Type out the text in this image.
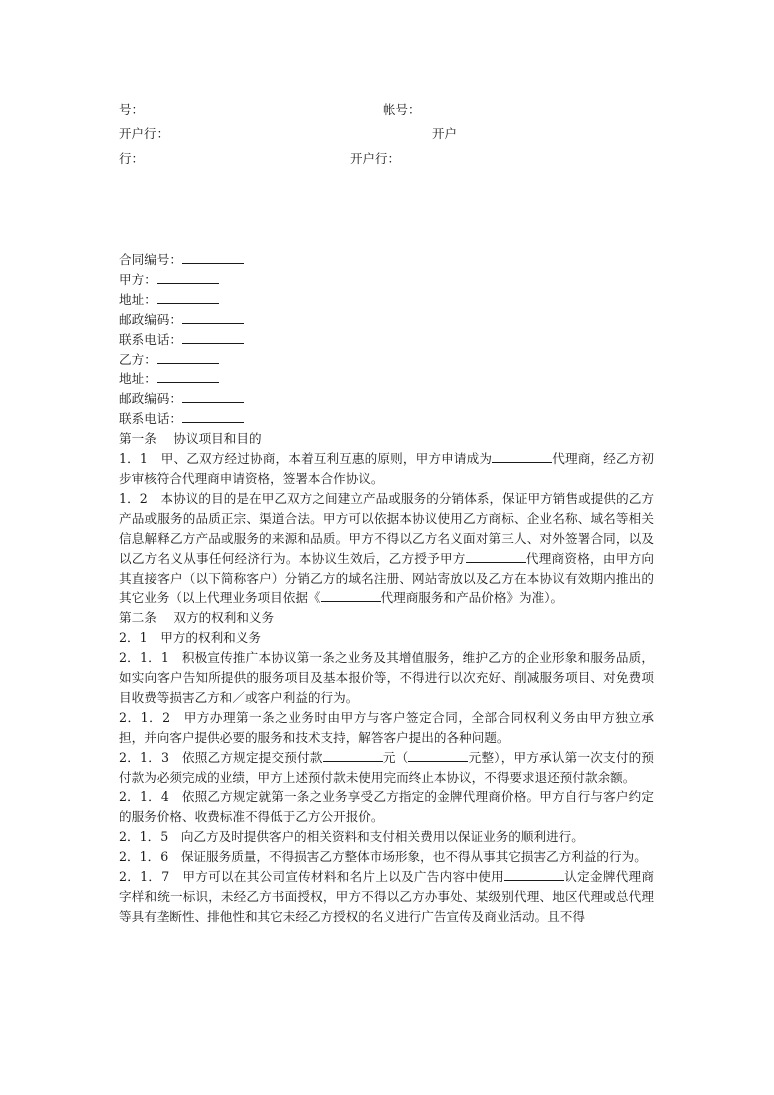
号：	帐号：
开户行：	开户
行：	开户行：
合同编号：
甲方：
地址：
邮政编码：
联系电话：
乙方：
地址：
邮政编码：
联系电话：
第一条　 协议项目和目的
1．1　甲、乙双方经过协商，本着互利互惠的原则，甲方申请成为	代理商，经乙方初步审核符合代理商申请资格，签署本合作协议。
1．2　本协议的目的是在甲乙双方之间建立产品或服务的分销体系，保证甲方销售或提供的乙方产品或服务的品质正宗、渠道合法。甲方可以依据本协议使用乙方商标、企业名称、域名等相关信息解释乙方产品或服务的来源和品质。甲方不得以乙方名义面对第三人、对外签署合同，以及以乙方名义从事任何经济行为。本协议生效后，乙方授予甲方	代理商资格，由甲方向其直接客户（以下简称客户）分销乙方的域名注册、网站寄放以及乙方在本协议有效期内推出的其它业务（以上代理业务项目依据《	代理商服务和产品价格》为准）。
第二条　 双方的权利和义务
2．1　甲方的权利和义务
2．1．1　积极宣传推广本协议第一条之业务及其增值服务，维护乙方的企业形象和服务品质，如实向客户告知所提供的服务项目及基本报价等，不得进行以次充好、削减服务项目、对免费项目收费等损害乙方和／或客户利益的行为。
2．1．2　甲方办理第一条之业务时由甲方与客户签定合同，全部合同权利义务由甲方独立承担，并向客户提供必要的服务和技术支持，解答客户提出的各种问题。
2．1．3　依照乙方规定提交预付款	元（	元整），甲方承认第一次支付的预付款为必须完成的业绩，甲方上述预付款未使用完而终止本协议，不得要求退还预付款余额。
2．1．4　依照乙方规定就第一条之业务享受乙方指定的金牌代理商价格。甲方自行与客户约定的服务价格、收费标准不得低于乙方公开报价。
2．1．5　向乙方及时提供客户的相关资料和支付相关费用以保证业务的顺利进行。
2．1．6　保证服务质量，不得损害乙方整体市场形象，也不得从事其它损害乙方利益的行为。
2．1．7　甲方可以在其公司宣传材料和名片上以及广告内容中使用	认定金牌代理商字样和统一标识，未经乙方书面授权，甲方不得以乙方办事处、某级别代理、地区代理或总代理等具有垄断性、排他性和其它未经乙方授权的名义进行广告宣传及商业活动。且不得
